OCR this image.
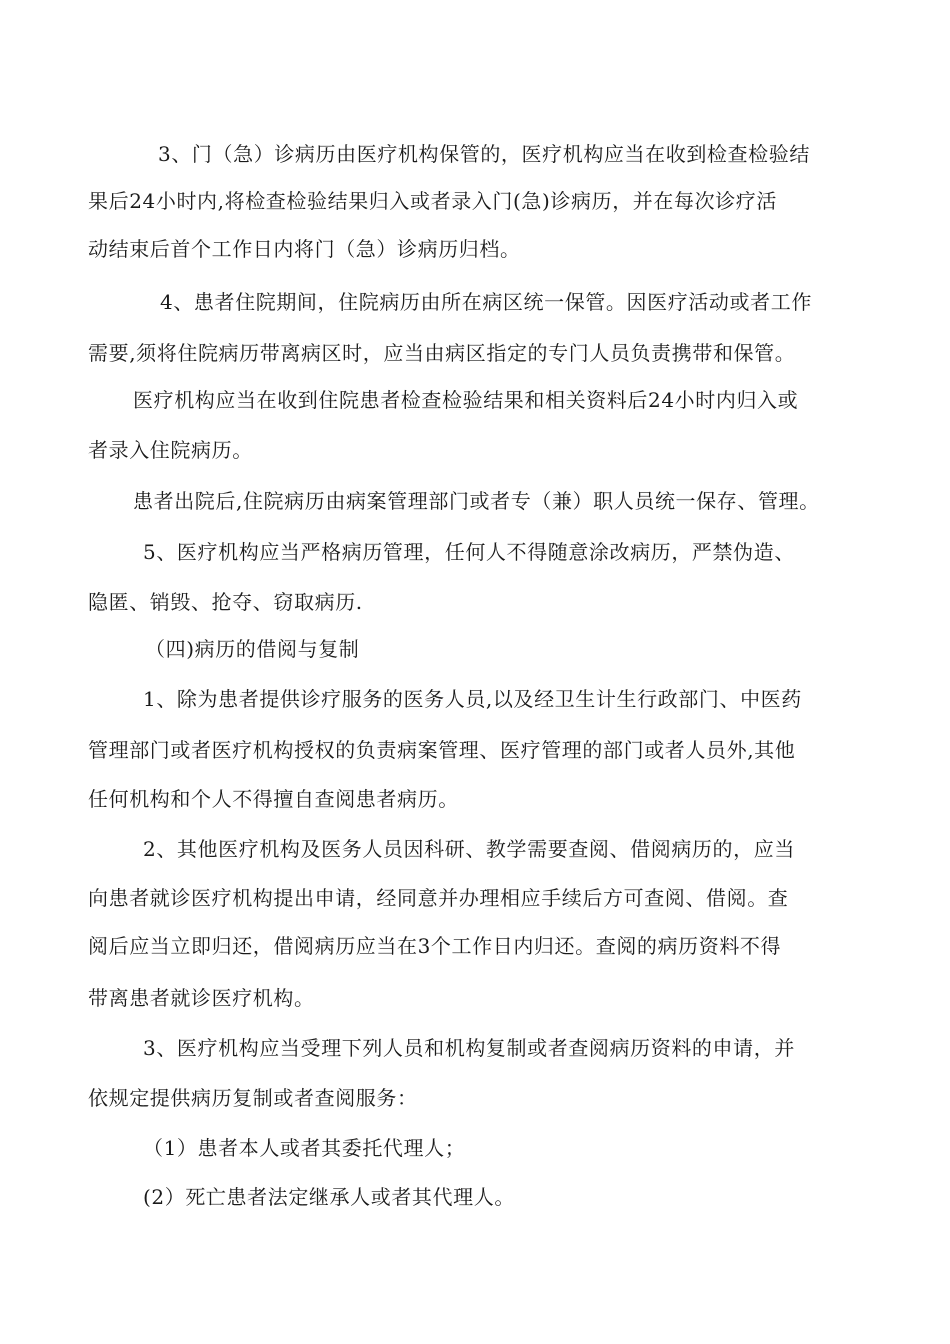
3、门（急）诊病历由医疗机构保管的，医疗机构应当在收到检查检验结
果后24小时内,将检查检验结果归入或者录入门(急)诊病历，并在每次诊疗活
动结束后首个工作日内将门（急）诊病历归档。
4、患者住院期间，住院病历由所在病区统一保管。因医疗活动或者工作
需要,须将住院病历带离病区时，应当由病区指定的专门人员负责携带和保管。
医疗机构应当在收到住院患者检查检验结果和相关资料后24小时内归入或
者录入住院病历。
患者出院后,住院病历由病案管理部门或者专（兼）职人员统一保存、管理。
5、医疗机构应当严格病历管理，任何人不得随意涂改病历，严禁伪造、
隐匿、销毁、抢夺、窃取病历.
（四)病历的借阅与复制
1、除为患者提供诊疗服务的医务人员,以及经卫生计生行政部门、中医药
管理部门或者医疗机构授权的负责病案管理、医疗管理的部门或者人员外,其他
任何机构和个人不得擅自查阅患者病历。
2、其他医疗机构及医务人员因科研、教学需要查阅、借阅病历的，应当
向患者就诊医疗机构提出申请，经同意并办理相应手续后方可查阅、借阅。查
阅后应当立即归还，借阅病历应当在3个工作日内归还。查阅的病历资料不得
带离患者就诊医疗机构。
3、医疗机构应当受理下列人员和机构复制或者查阅病历资料的申请，并
依规定提供病历复制或者查阅服务：
（1）患者本人或者其委托代理人；
(2）死亡患者法定继承人或者其代理人。
